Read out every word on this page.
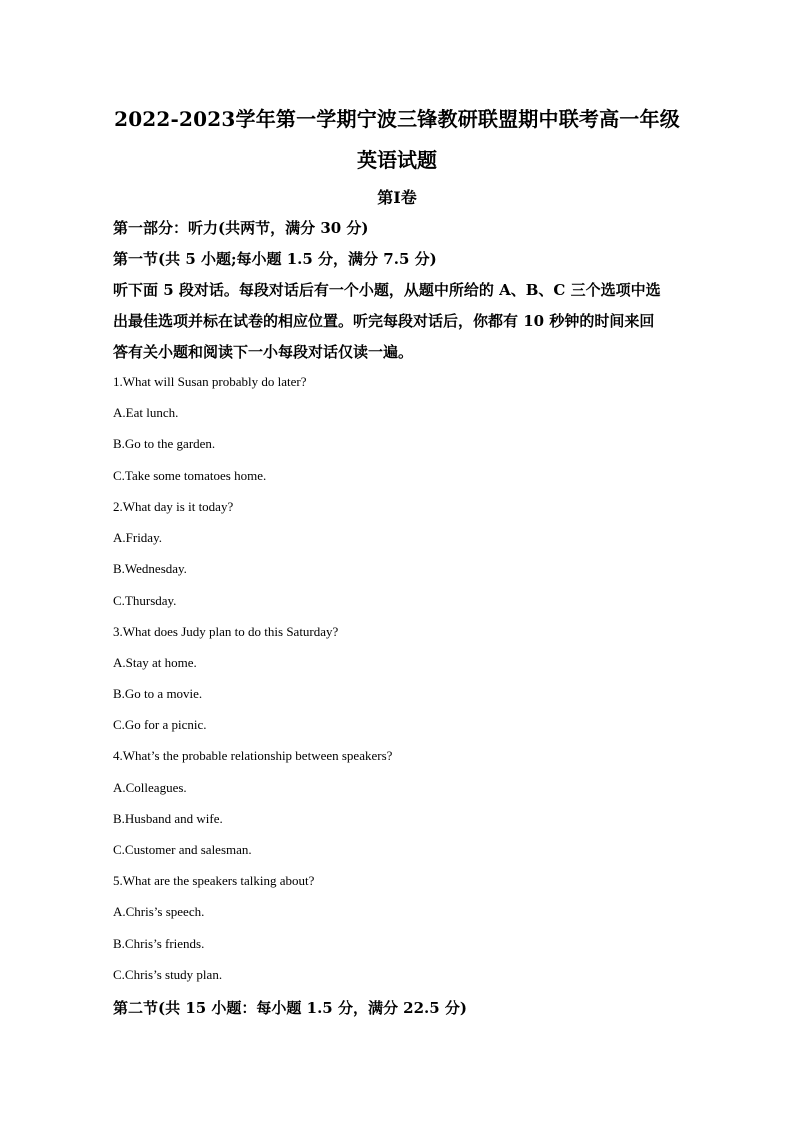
2022-2023学年第一学期宁波三锋教研联盟期中联考高一年级
英语试题
第I卷
第一部分：听力(共两节，满分 30 分)
第一节(共 5 小题;每小题 1.5 分，满分 7.5 分)
听下面 5 段对话。每段对话后有一个小题，从题中所给的 A、B、C 三个选项中选
出最佳选项并标在试卷的相应位置。听完每段对话后，你都有 10 秒钟的时间来回
答有关小题和阅读下一小每段对话仅读一遍。
1.What will Susan probably do later?
A.Eat lunch.
B.Go to the garden.
C.Take some tomatoes home.
2.What day is it today?
A.Friday.
B.Wednesday.
C.Thursday.
3.What does Judy plan to do this Saturday?
A.Stay at home.
B.Go to a movie.
C.Go for a picnic.
4.What’s the probable relationship between speakers?
A.Colleagues.
B.Husband and wife.
C.Customer and salesman.
5.What are the speakers talking about?
A.Chris’s speech.
B.Chris’s friends.
C.Chris’s study plan.
第二节(共 15 小题：每小题 1.5 分，满分 22.5 分)
